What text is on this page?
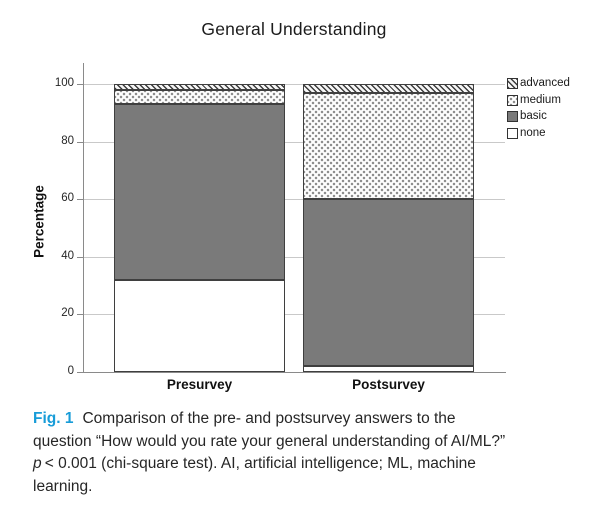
General Understanding
Percentage
0
20
40
60
80
100
Presurvey	Postsurvey
advanced
medium
basic
none
Fig. 1 Comparison of the pre- and postsurvey answers to the
question “How would you rate your general understanding of AI/ML?”
p < 0.001 (chi-square test). AI, artificial intelligence; ML, machine
learning.
